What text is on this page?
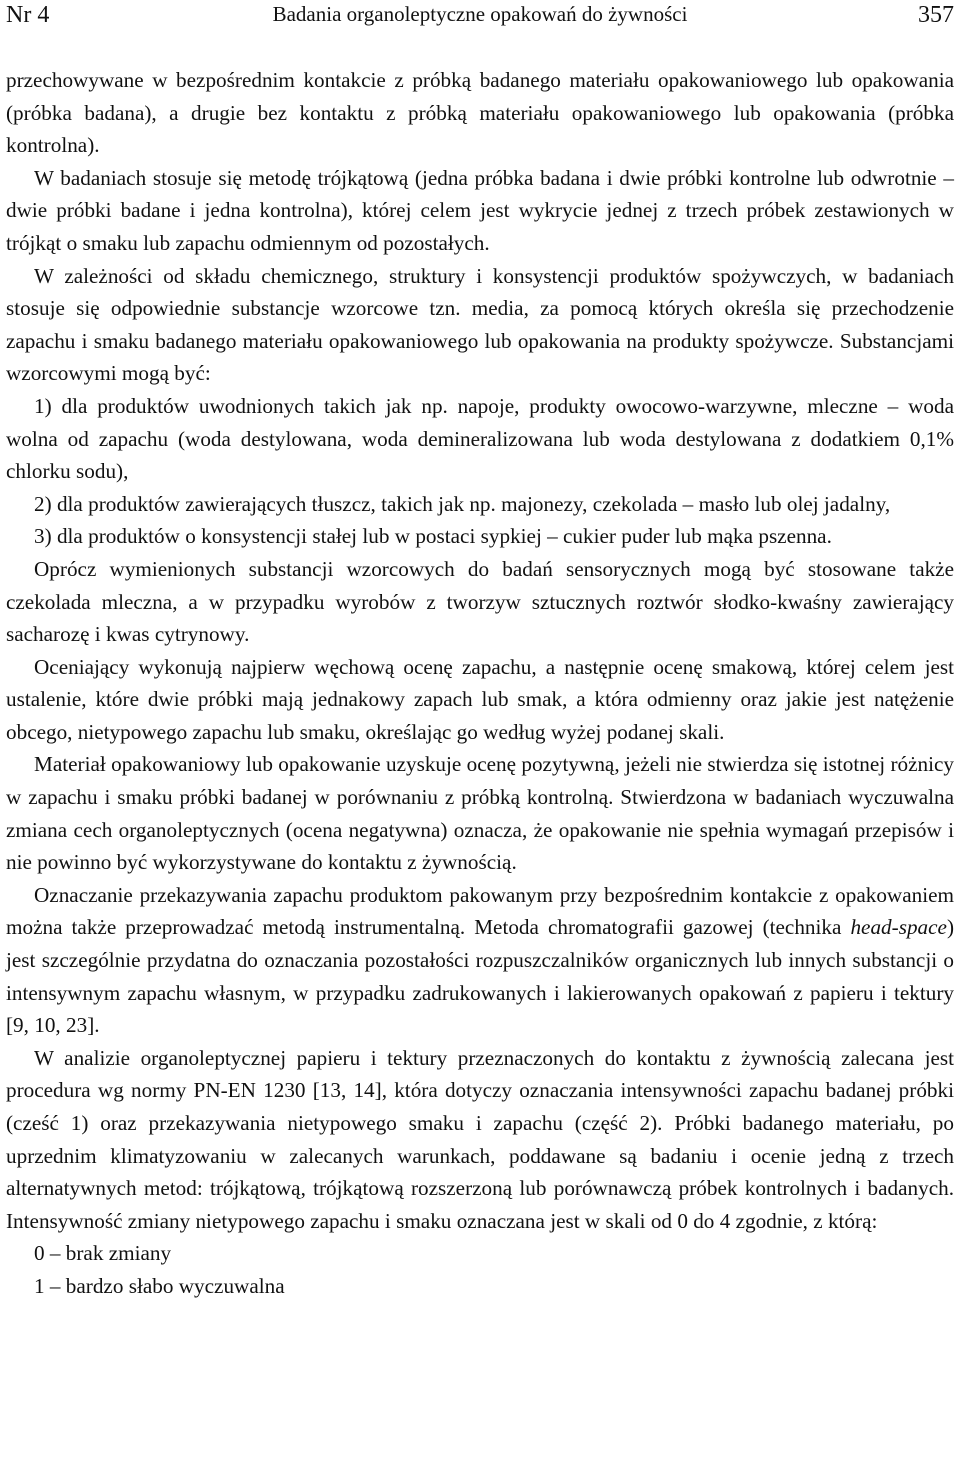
Nr 4	Badania organoleptyczne opakowań do żywności	357

przechowywane w bezpośrednim kontakcie z próbką badanego materiału opakowaniowego lub opakowania (próbka badana), a drugie bez kontaktu z próbką materiału opakowaniowego lub opakowania (próbka kontrolna).

W badaniach stosuje się metodę trójkątową (jedna próbka badana i dwie próbki kontrolne lub odwrotnie – dwie próbki badane i jedna kontrolna), której celem jest wykrycie jednej z trzech próbek zestawionych w trójkąt o smaku lub zapachu odmiennym od pozostałych.

W zależności od składu chemicznego, struktury i konsystencji produktów spożywczych, w badaniach stosuje się odpowiednie substancje wzorcowe tzn. media, za pomocą których określa się przechodzenie zapachu i smaku badanego materiału opakowaniowego lub opakowania na produkty spożywcze. Substancjami wzorcowymi mogą być:

1) dla produktów uwodnionych takich jak np. napoje, produkty owocowo-warzywne, mleczne – woda wolna od zapachu (woda destylowana, woda demineralizowana lub woda destylowana z dodatkiem 0,1% chlorku sodu),

2) dla produktów zawierających tłuszcz, takich jak np. majonezy, czekolada – masło lub olej jadalny,

3) dla produktów o konsystencji stałej lub w postaci sypkiej – cukier puder lub mąka pszenna.

Oprócz wymienionych substancji wzorcowych do badań sensorycznych mogą być stosowane także czekolada mleczna, a w przypadku wyrobów z tworzyw sztucznych roztwór słodko-kwaśny zawierający sacharozę i kwas cytrynowy.

Oceniający wykonują najpierw węchową ocenę zapachu, a następnie ocenę smakową, której celem jest ustalenie, które dwie próbki mają jednakowy zapach lub smak, a która odmienny oraz jakie jest natężenie obcego, nietypowego zapachu lub smaku, określając go według wyżej podanej skali.

Materiał opakowaniowy lub opakowanie uzyskuje ocenę pozytywną, jeżeli nie stwierdza się istotnej różnicy w zapachu i smaku próbki badanej w porównaniu z próbką kontrolną. Stwierdzona w badaniach wyczuwalna zmiana cech organoleptycznych (ocena negatywna) oznacza, że opakowanie nie spełnia wymagań przepisów i nie powinno być wykorzystywane do kontaktu z żywnością.

Oznaczanie przekazywania zapachu produktom pakowanym przy bezpośrednim kontakcie z opakowaniem można także przeprowadzać metodą instrumentalną. Metoda chromatografii gazowej (technika head-space) jest szczególnie przydatna do oznaczania pozostałości rozpuszczalników organicznych lub innych substancji o intensywnym zapachu własnym, w przypadku zadrukowanych i lakierowanych opakowań z papieru i tektury [9, 10, 23].

W analizie organoleptycznej papieru i tektury przeznaczonych do kontaktu z żywnością zalecana jest procedura wg normy PN-EN 1230 [13, 14], która dotyczy oznaczania intensywności zapachu badanej próbki (cześć 1) oraz przekazywania nietypowego smaku i zapachu (część 2). Próbki badanego materiału, po uprzednim klimatyzowaniu w zalecanych warunkach, poddawane są badaniu i ocenie jedną z trzech alternatywnych metod: trójkątową, trójkątową rozszerzoną lub porównawczą próbek kontrolnych i badanych. Intensywność zmiany nietypowego zapachu i smaku oznaczana jest w skali od 0 do 4 zgodnie, z którą:

0 – brak zmiany

1 – bardzo słabo wyczuwalna
